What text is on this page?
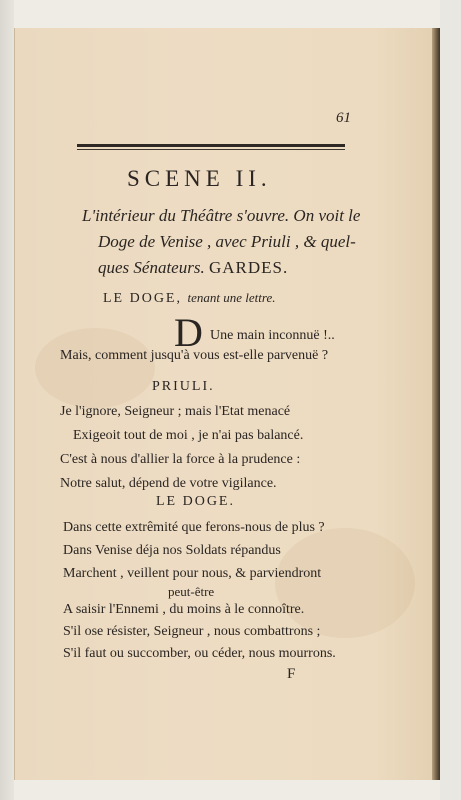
61
SCENE II.
L'intérieur du Théâtre s'ouvre. On voit le
Doge de Venise , avec Priuli , & quel-
ques Sénateurs. GARDES.
LE DOGE, tenant une lettre.
D Une main inconnuë !..
Mais, comment jusqu'à vous est-elle parvenuë ?
PRIULI.
Je l'ignore, Seigneur ; mais l'Etat menacé
Exigeoit tout de moi , je n'ai pas balancé.
C'est à nous d'allier la force à la prudence :
Notre salut, dépend de votre vigilance.
LE DOGE.
Dans cette extrêmité que ferons-nous de plus ?
Dans Venise déja nos Soldats répandus
Marchent , veillent pour nous, & parviendront
peut-être
A saisir l'Ennemi , du moins à le connoître.
S'il ose résister, Seigneur , nous combattrons ;
S'il faut ou succomber, ou céder, nous mourrons.
F
